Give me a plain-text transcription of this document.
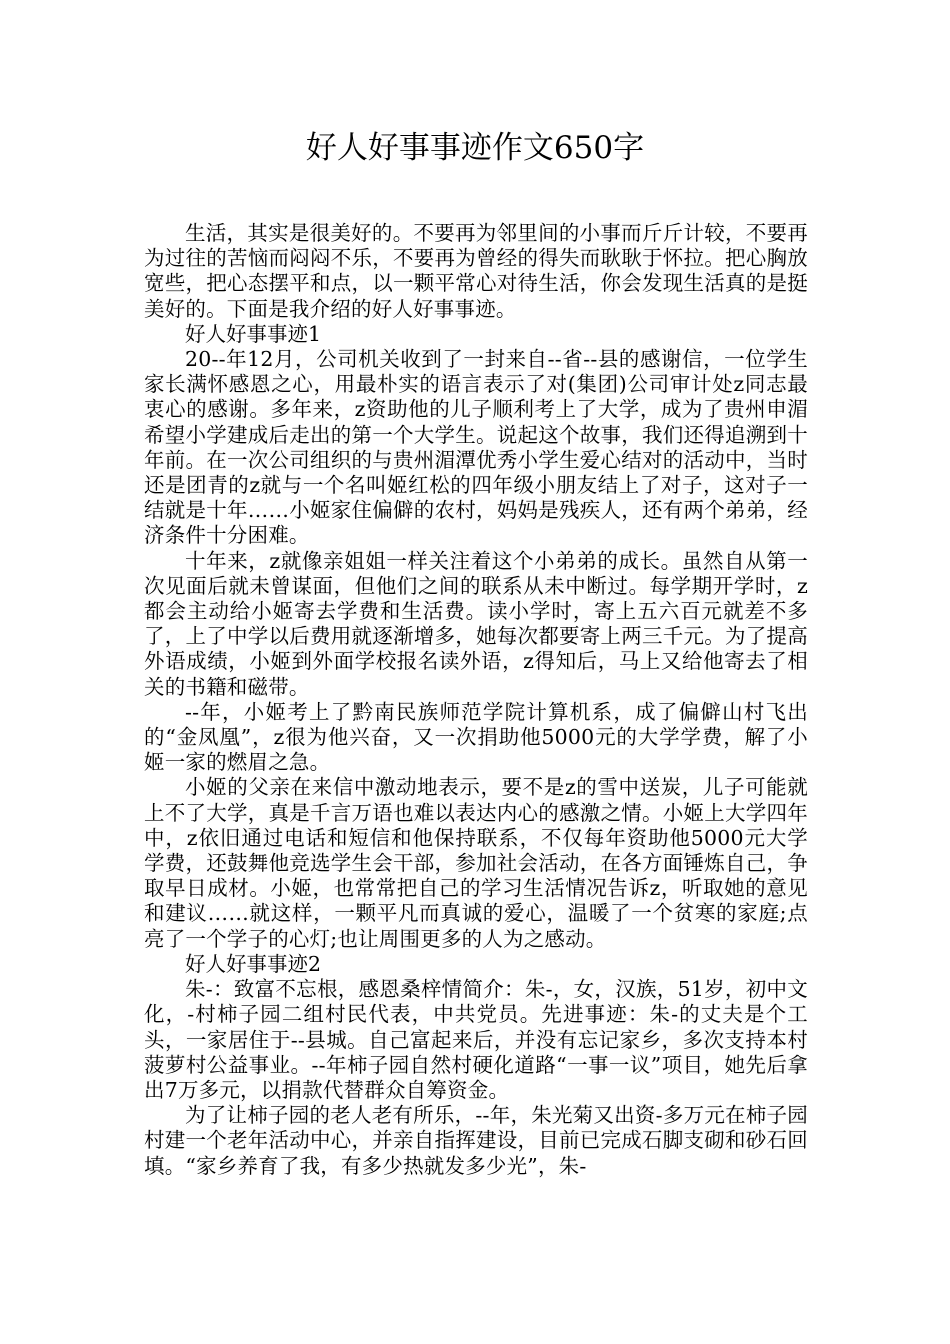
好人好事事迹作文650字

生活，其实是很美好的。不要再为邻里间的小事而斤斤计较，不要再为过往的苦恼而闷闷不乐，不要再为曾经的得失而耿耿于怀拉。把心胸放宽些，把心态摆平和点，以一颗平常心对待生活，你会发现生活真的是挺美好的。下面是我介绍的好人好事事迹。

好人好事事迹1

20--年12月，公司机关收到了一封来自--省--县的感谢信，一位学生家长满怀感恩之心，用最朴实的语言表示了对(集团)公司审计处z同志最衷心的感谢。多年来，z资助他的儿子顺利考上了大学，成为了贵州申湄希望小学建成后走出的第一个大学生。说起这个故事，我们还得追溯到十年前。在一次公司组织的与贵州湄潭优秀小学生爱心结对的活动中，当时还是团青的z就与一个名叫姬红松的四年级小朋友结上了对子，这对子一结就是十年……小姬家住偏僻的农村，妈妈是残疾人，还有两个弟弟，经济条件十分困难。

十年来，z就像亲姐姐一样关注着这个小弟弟的成长。虽然自从第一次见面后就未曾谋面，但他们之间的联系从未中断过。每学期开学时，z都会主动给小姬寄去学费和生活费。读小学时，寄上五六百元就差不多了，上了中学以后费用就逐渐增多，她每次都要寄上两三千元。为了提高外语成绩，小姬到外面学校报名读外语，z得知后，马上又给他寄去了相关的书籍和磁带。

--年，小姬考上了黔南民族师范学院计算机系，成了偏僻山村飞出的“金凤凰”，z很为他兴奋，又一次捐助他5000元的大学学费，解了小姬一家的燃眉之急。

小姬的父亲在来信中激动地表示，要不是z的雪中送炭，儿子可能就上不了大学，真是千言万语也难以表达内心的感激之情。小姬上大学四年中，z依旧通过电话和短信和他保持联系，不仅每年资助他5000元大学学费，还鼓舞他竞选学生会干部，参加社会活动，在各方面锤炼自己，争取早日成材。小姬，也常常把自己的学习生活情况告诉z，听取她的意见和建议……就这样，一颗平凡而真诚的爱心，温暖了一个贫寒的家庭;点亮了一个学子的心灯;也让周围更多的人为之感动。

好人好事事迹2

朱-：致富不忘根，感恩桑梓情简介：朱-，女，汉族，51岁，初中文化，-村柿子园二组村民代表，中共党员。先进事迹：朱-的丈夫是个工头，一家居住于--县城。自己富起来后，并没有忘记家乡，多次支持本村菠萝村公益事业。--年柿子园自然村硬化道路“一事一议”项目，她先后拿出7万多元，以捐款代替群众自筹资金。

为了让柿子园的老人老有所乐，--年，朱光菊又出资-多万元在柿子园村建一个老年活动中心，并亲自指挥建设，目前已完成石脚支砌和砂石回填。“家乡养育了我，有多少热就发多少光”，朱-
